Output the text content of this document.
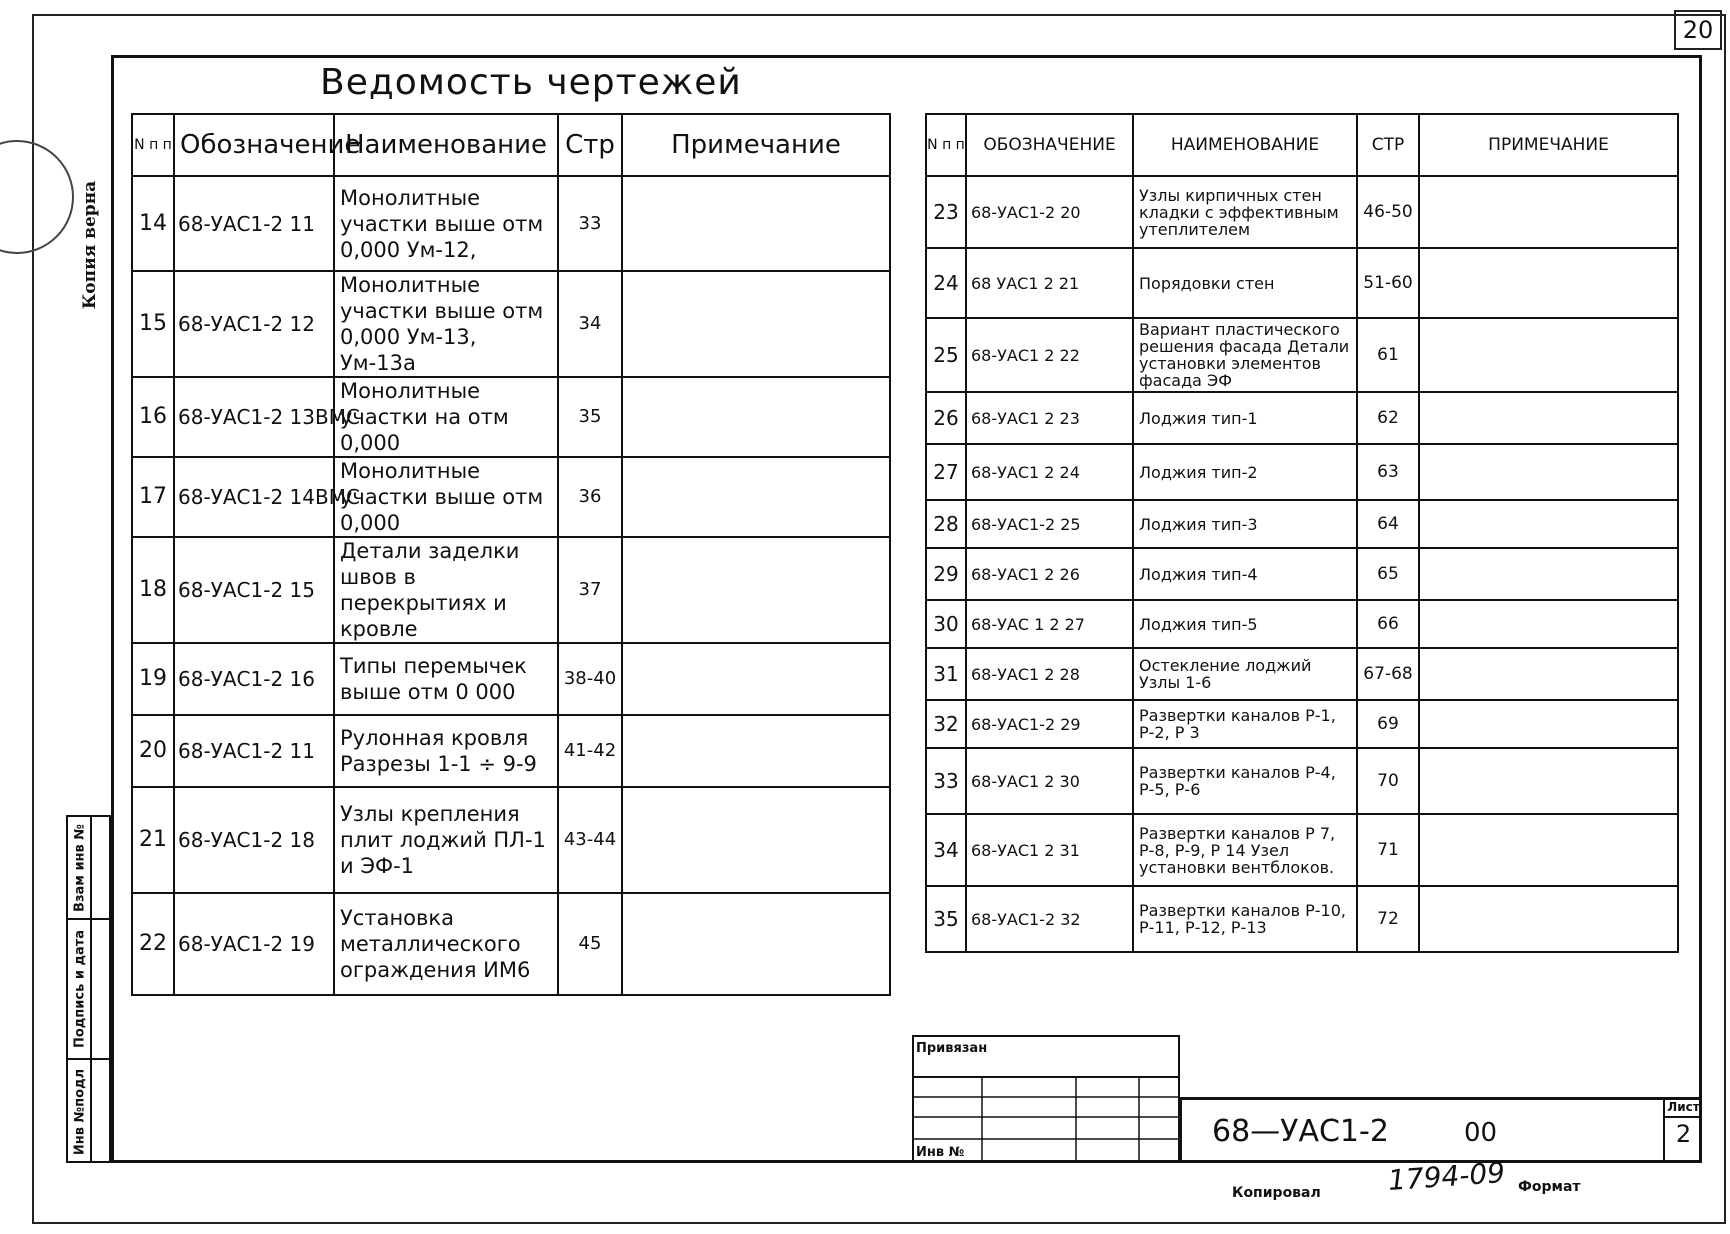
20
Копия верна
Ведомость чертежей
N п п	Обозначение	Наименование	Стр	Примечание
14	68-УАС1-2 11	Монолитные участки выше отм 0,000 Ум-12,	33	
15	68-УАС1-2 12	Монолитные участки выше отм 0,000 Ум-13, Ум-13а	34	
16	68-УАС1-2 13ВМС	Монолитные участки на отм 0,000	35	
17	68-УАС1-2 14ВМС	Монолитные участки выше отм 0,000	36	
18	68-УАС1-2 15	Детали заделки швов в перекрытиях и кровле	37	
19	68-УАС1-2 16	Типы перемычек выше отм 0 000	38-40	
20	68-УАС1-2 11	Рулонная кровля Разрезы 1-1 ÷ 9-9	41-42	
21	68-УАС1-2 18	Узлы крепления плит лоджий ПЛ-1 и ЭФ-1	43-44	
22	68-УАС1-2 19	Установка металлического ограждения ИМ6	45	
N п п	ОБОЗНАЧЕНИЕ	НАИМЕНОВАНИЕ	СТР	ПРИМЕЧАНИЕ
23	68-УАС1-2 20	Узлы кирпичных стен кладки с эффективным утеплителем	46-50	
24	68 УАС1 2 21	Порядовки стен	51-60	
25	68-УАС1 2 22	Вариант пластического решения фасада Детали установки элементов фасада ЭФ	61	
26	68-УАС1 2 23	Лоджия тип-1	62	
27	68-УАС1 2 24	Лоджия тип-2	63	
28	68-УАС1-2 25	Лоджия тип-3	64	
29	68-УАС1 2 26	Лоджия тип-4	65	
30	68-УАС 1 2 27	Лоджия тип-5	66	
31	68-УАС1 2 28	Остекление лоджий Узлы 1-6	67-68	
32	68-УАС1-2 29	Развертки каналов Р-1, Р-2, Р 3	69	
33	68-УАС1 2 30	Развертки каналов Р-4, Р-5, Р-6	70	
34	68-УАС1 2 31	Развертки каналов Р 7, Р-8, Р-9, Р 14 Узел установки вентблоков.	71	
35	68-УАС1-2 32	Развертки каналов Р-10, Р-11, Р-12, Р-13	72	
Взам инв №
Подпись и дата
Инв №подл
Привязан
Инв №
68—УАС1-2	00
Лист
2
Копировал 1794-09 Формат
